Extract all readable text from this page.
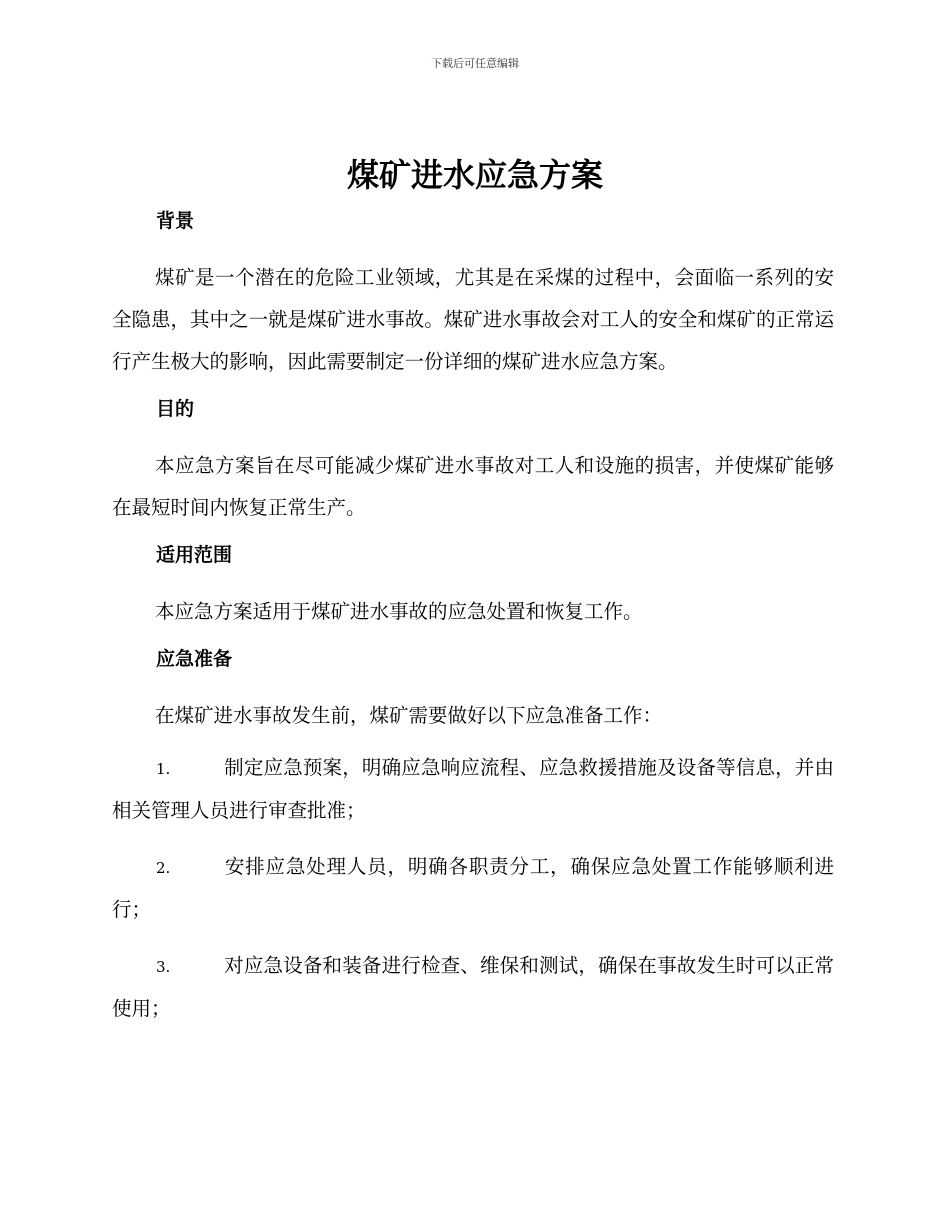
下载后可任意编辑
煤矿进水应急方案
背景

煤矿是一个潜在的危险工业领域，尤其是在采煤的过程中，会面临一系列的安全隐患，其中之一就是煤矿进水事故。煤矿进水事故会对工人的安全和煤矿的正常运行产生极大的影响，因此需要制定一份详细的煤矿进水应急方案。

目的

本应急方案旨在尽可能减少煤矿进水事故对工人和设施的损害，并使煤矿能够在最短时间内恢复正常生产。

适用范围

本应急方案适用于煤矿进水事故的应急处置和恢复工作。

应急准备

在煤矿进水事故发生前，煤矿需要做好以下应急准备工作：

1.	制定应急预案，明确应急响应流程、应急救援措施及设备等信息，并由相关管理人员进行审查批准；

2.	安排应急处理人员，明确各职责分工，确保应急处置工作能够顺利进行；

3.	对应急设备和装备进行检查、维保和测试，确保在事故发生时可以正常使用；
